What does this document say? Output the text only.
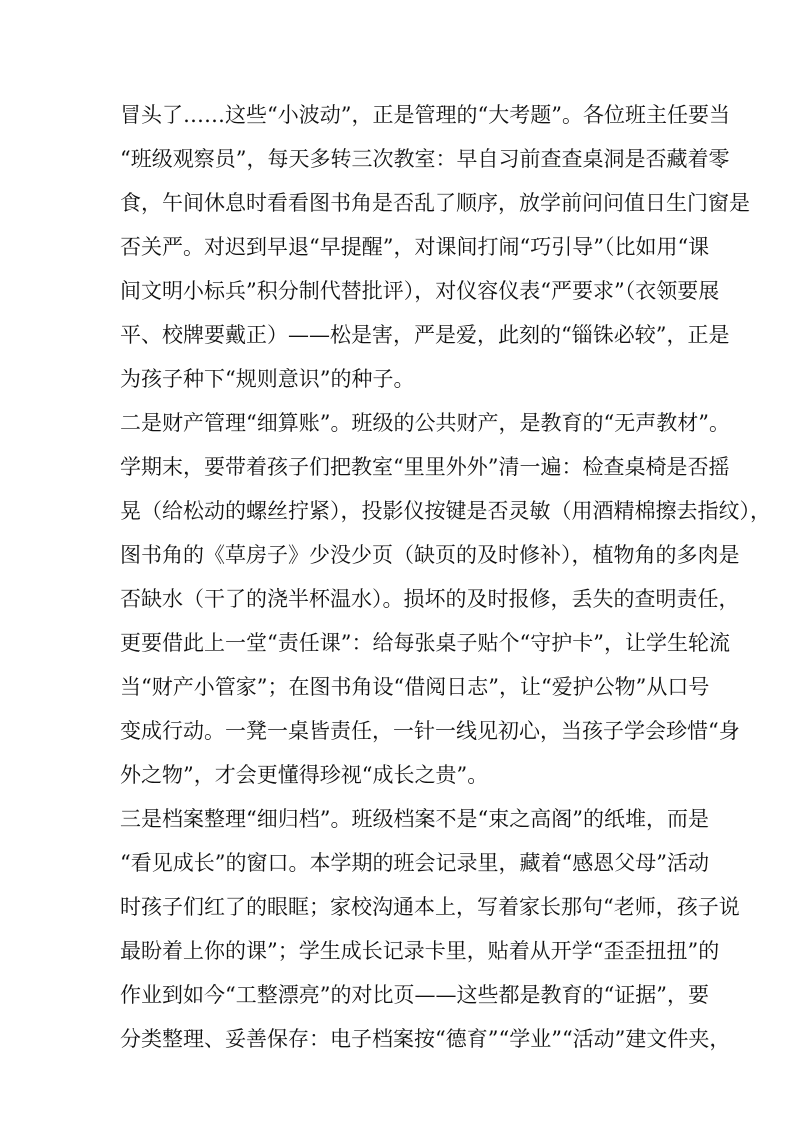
冒头了……这些“小波动”，正是管理的“大考题”。各位班主任要当

“班级观察员”，每天多转三次教室：早自习前查查桌洞是否藏着零

食，午间休息时看看图书角是否乱了顺序，放学前问问值日生门窗是

否关严。对迟到早退“早提醒”，对课间打闹“巧引导”（比如用“课

间文明小标兵”积分制代替批评），对仪容仪表“严要求”（衣领要展

平、校牌要戴正）——松是害，严是爱，此刻的“锱铢必较”，正是

为孩子种下“规则意识”的种子。

二是财产管理“细算账”。班级的公共财产，是教育的“无声教材”。

学期末，要带着孩子们把教室“里里外外”清一遍：检查桌椅是否摇

晃（给松动的螺丝拧紧），投影仪按键是否灵敏（用酒精棉擦去指纹），

图书角的《草房子》少没少页（缺页的及时修补），植物角的多肉是

否缺水（干了的浇半杯温水）。损坏的及时报修，丢失的查明责任，

更要借此上一堂“责任课”：给每张桌子贴个“守护卡”，让学生轮流

当“财产小管家”；在图书角设“借阅日志”，让“爱护公物”从口号

变成行动。一凳一桌皆责任，一针一线见初心，当孩子学会珍惜“身

外之物”，才会更懂得珍视“成长之贵”。

三是档案整理“细归档”。班级档案不是“束之高阁”的纸堆，而是

“看见成长”的窗口。本学期的班会记录里，藏着“感恩父母”活动

时孩子们红了的眼眶；家校沟通本上，写着家长那句“老师，孩子说

最盼着上你的课”；学生成长记录卡里，贴着从开学“歪歪扭扭”的

作业到如今“工整漂亮”的对比页——这些都是教育的“证据”，要

分类整理、妥善保存：电子档案按“德育”“学业”“活动”建文件夹，
